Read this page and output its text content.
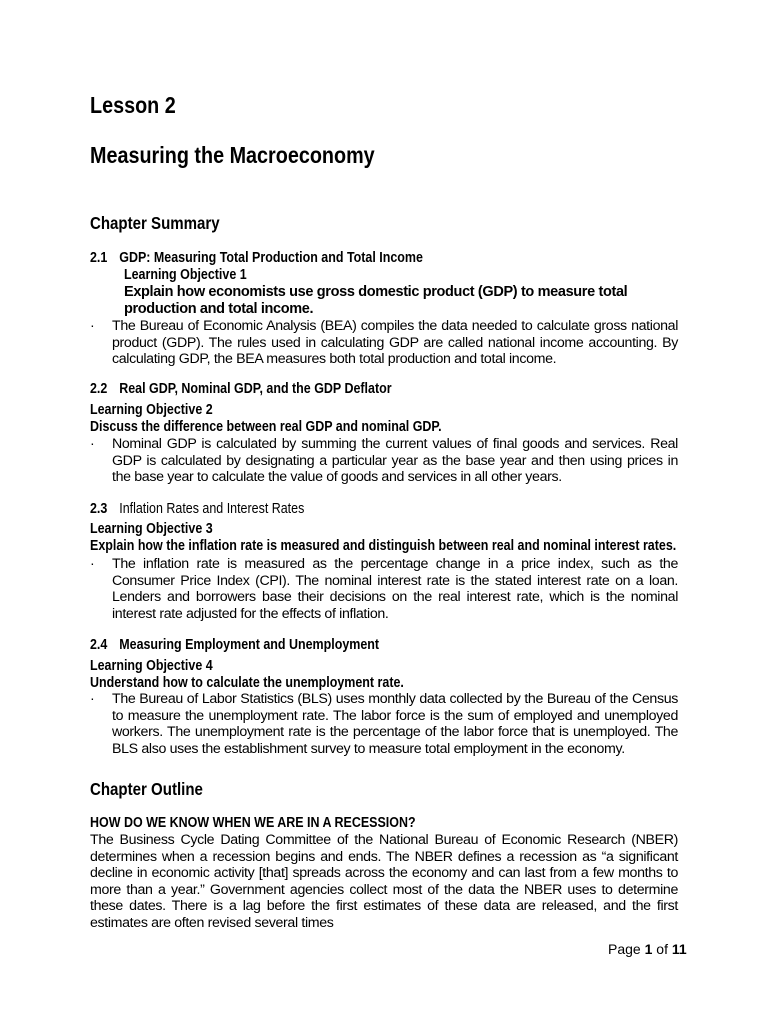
Lesson 2
Measuring the Macroeconomy
Chapter Summary
2.1 GDP: Measuring Total Production and Total Income
Learning Objective 1
Explain how economists use gross domestic product (GDP) to measure total production and total income.
· The Bureau of Economic Analysis (BEA) compiles the data needed to calculate gross national product (GDP). The rules used in calculating GDP are called national income accounting. By calculating GDP, the BEA measures both total production and total income.
2.2 Real GDP, Nominal GDP, and the GDP Deflator
Learning Objective 2
Discuss the difference between real GDP and nominal GDP.
· Nominal GDP is calculated by summing the current values of final goods and services. Real GDP is calculated by designating a particular year as the base year and then using prices in the base year to calculate the value of goods and services in all other years.
2.3 Inflation Rates and Interest Rates
Learning Objective 3
Explain how the inflation rate is measured and distinguish between real and nominal interest rates.
· The inflation rate is measured as the percentage change in a price index, such as the Consumer Price Index (CPI). The nominal interest rate is the stated interest rate on a loan. Lenders and borrowers base their decisions on the real interest rate, which is the nominal interest rate adjusted for the effects of inflation.
2.4 Measuring Employment and Unemployment
Learning Objective 4
Understand how to calculate the unemployment rate.
· The Bureau of Labor Statistics (BLS) uses monthly data collected by the Bureau of the Census to measure the unemployment rate. The labor force is the sum of employed and unemployed workers. The unemployment rate is the percentage of the labor force that is unemployed. The BLS also uses the establishment survey to measure total employment in the economy.
Chapter Outline
HOW DO WE KNOW WHEN WE ARE IN A RECESSION?
The Business Cycle Dating Committee of the National Bureau of Economic Research (NBER) determines when a recession begins and ends. The NBER defines a recession as “a significant decline in economic activity [that] spreads across the economy and can last from a few months to more than a year.” Government agencies collect most of the data the NBER uses to determine these dates. There is a lag before the first estimates of these data are released, and the first estimates are often revised several times
Page 1 of 11
